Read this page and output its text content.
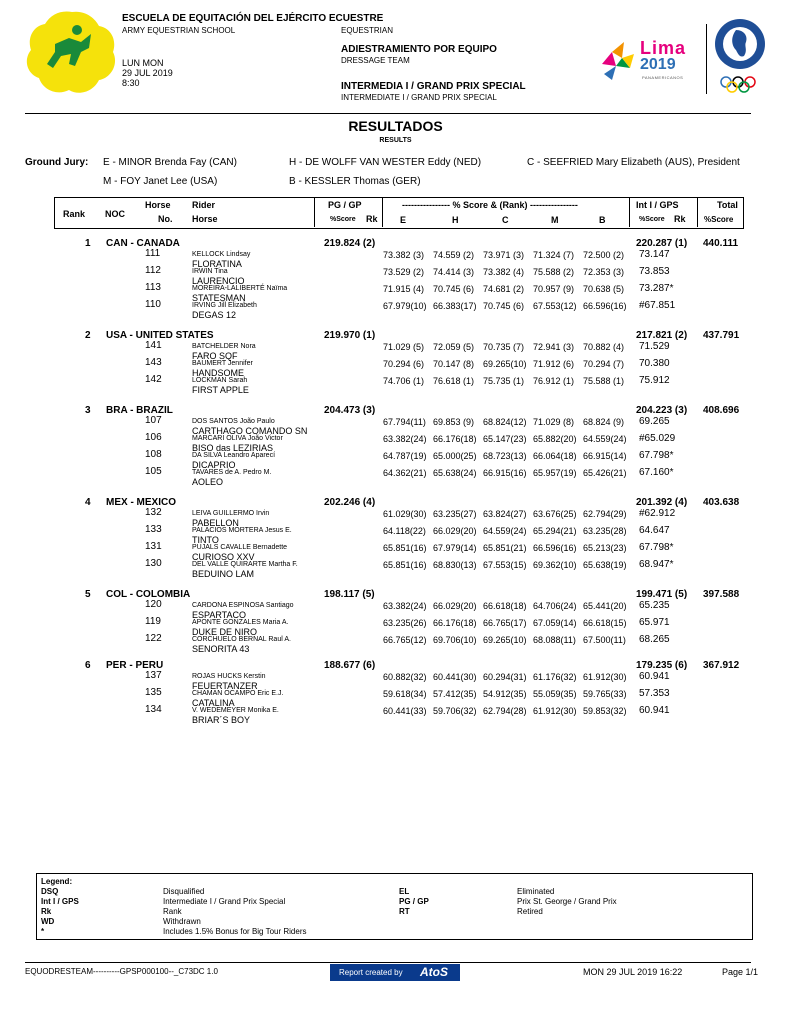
ESCUELA DE EQUITACIÓN DEL EJÉRCITO ECUESTRE
ARMY EQUESTRIAN SCHOOL	EQUESTRIAN
LUN MON
29 JUL 2019
8:30
ADIESTRAMIENTO POR EQUIPO
DRESSAGE TEAM
INTERMEDIA I / GRAND PRIX SPECIAL
INTERMEDIATE I / GRAND PRIX SPECIAL
Lima
2019
PANAMERICANOS
RESULTADOS
RESULTS
Ground Jury: E - MINOR Brenda Fay (CAN)	H - DE WOLFF VAN WESTER Eddy (NED)	C - SEEFRIED Mary Elizabeth (AUS), President
M - FOY Janet Lee (USA)	B - KESSLER Thomas (GER)
Rank NOC
Horse
No.
Rider
Horse
PG / GP
%Score Rk
---------------- % Score & (Rank) ----------------
E	H	C	M	B
Int I / GPS
%Score Rk
Total
%Score
1 CAN - CANADA	219.824 (2)	220.287 (1) 440.111
111	KELLOCK Lindsay
FLORATINA
73.382 (3) 74.559 (2) 73.971 (3) 71.324 (7) 72.500 (2) 73.147
112	IRWIN Tina
LAURENCIO
73.529 (2) 74.414 (3) 73.382 (4) 75.588 (2) 72.353 (3) 73.853
113	MOREIRA-LALIBERTÉ Naïma
STATESMAN
71.915 (4) 70.745 (6) 74.681 (2) 70.957 (9) 70.638 (5) 73.287*
110	IRVING Jill Elizabeth
DEGAS 12
67.979(10) 66.383(17) 70.745 (6) 67.553(12) 66.596(16) #67.851
2 USA - UNITED STATES	219.970 (1)	217.821 (2) 437.791
141	BATCHELDER Nora
FARO SQF
71.029 (5) 72.059 (5) 70.735 (7) 72.941 (3) 70.882 (4) 71.529
143	BAUMERT Jennifer
HANDSOME
70.294 (6) 70.147 (8) 69.265(10) 71.912 (6) 70.294 (7) 70.380
142	LOCKMAN Sarah
FIRST APPLE
74.706 (1) 76.618 (1) 75.735 (1) 76.912 (1) 75.588 (1) 75.912
3 BRA - BRAZIL	204.473 (3)	204.223 (3) 408.696
107	DOS SANTOS João Paulo
CARTHAGO COMANDO SN
67.794(11) 69.853 (9) 68.824(12) 71.029 (8) 68.824 (9) 69.265
106	MARCARI OLIVA João Victor
BISO das LEZIRIAS
63.382(24) 66.176(18) 65.147(23) 65.882(20) 64.559(24) #65.029
108	DA SILVA Leandro Aparecí
DICAPRIO
64.787(19) 65.000(25) 68.723(13) 66.064(18) 66.915(14) 67.798*
105	TAVARES de A. Pedro M.
AOLEO
64.362(21) 65.638(24) 66.915(16) 65.957(19) 65.426(21) 67.160*
4 MEX - MEXICO	202.246 (4)	201.392 (4) 403.638
132	LEIVA GUILLERMO Irvin
PABELLON
61.029(30) 63.235(27) 63.824(27) 63.676(25) 62.794(29) #62.912
133	PALACIOS MORTERA Jesus E.
TINTO
64.118(22) 66.029(20) 64.559(24) 65.294(21) 63.235(28) 64.647
131	PUJALS CAVALLE Bernadette
CURIOSO XXV
65.851(16) 67.979(14) 65.851(21) 66.596(16) 65.213(23) 67.798*
130	DEL VALLE QUIRARTE Martha F.
BEDUINO LAM
65.851(16) 68.830(13) 67.553(15) 69.362(10) 65.638(19) 68.947*
5 COL - COLOMBIA	198.117 (5)	199.471 (5) 397.588
120	CARDONA ESPINOSA Santiago
ESPARTACO
63.382(24) 66.029(20) 66.618(18) 64.706(24) 65.441(20) 65.235
119	APONTE GONZALES Maria A.
DUKE DE NIRO
63.235(26) 66.176(18) 66.765(17) 67.059(14) 66.618(15) 65.971
122	CORCHUELO BERNAL Raul A.
SENORITA 43
66.765(12) 69.706(10) 69.265(10) 68.088(11) 67.500(11) 68.265
6 PER - PERU	188.677 (6)	179.235 (6) 367.912
137	ROJAS HUCKS Kerstin
FEUERTANZER
60.882(32) 60.441(30) 60.294(31) 61.176(32) 61.912(30) 60.941
135	CHAMAN OCAMPO Eric E.J.
CATALINA
59.618(34) 57.412(35) 54.912(35) 55.059(35) 59.765(33) 57.353
134	V. WEDEMEYER Monika E.
BRIAR´S BOY
60.441(33) 59.706(32) 62.794(28) 61.912(30) 59.853(32) 60.941
Legend:
DSQ	Disqualified
Int I / GPS	Intermediate I / Grand Prix Special
Rk	Rank
WD	Withdrawn
*	Includes 1.5% Bonus for Big Tour Riders
EL	Eliminated
PG / GP	Prix St. George / Grand Prix
RT	Retired
EQUODRESTEAM----------GPSP000100--_C73DC 1.0	Report created by AtoS	MON 29 JUL 2019 16:22	Page 1/1
